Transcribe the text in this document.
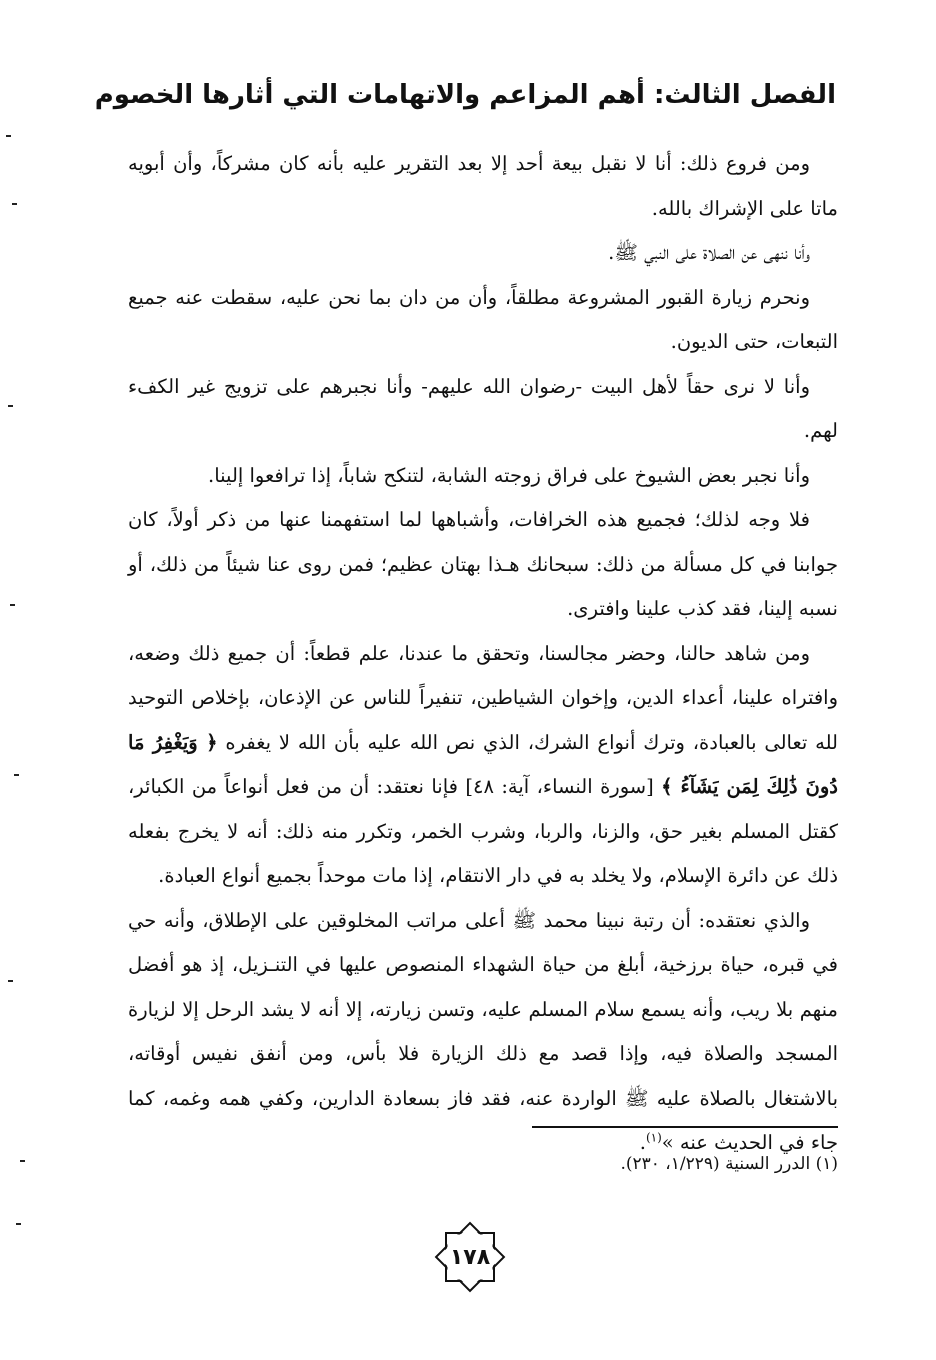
الفصل الثالث: أهم المزاعم والاتهامات التي أثارها الخصوم

ومن فروع ذلك: أنا لا نقبل بيعة أحد إلا بعد التقرير عليه بأنه كان مشركاً، وأن أبويه ماتا على الإشراك بالله.

وأنا ننهى عن الصلاة على النبي ﷺ.

ونحرم زيارة القبور المشروعة مطلقاً، وأن من دان بما نحن عليه، سقطت عنه جميع التبعات، حتى الديون.

وأنا لا نرى حقاً لأهل البيت -رضوان الله عليهم- وأنا نجبرهم على تزويج غير الكفء لهم.

وأنا نجبر بعض الشيوخ على فراق زوجته الشابة، لتنكح شاباً، إذا ترافعوا إلينا.

فلا وجه لذلك؛ فجميع هذه الخرافات، وأشباهها لما استفهمنا عنها من ذكر أولاً، كان جوابنا في كل مسألة من ذلك: سبحانك هـذا بهتان عظيم؛ فمن روى عنا شيئاً من ذلك، أو نسبه إلينا، فقد كذب علينا وافترى.

ومن شاهد حالنا، وحضر مجالسنا، وتحقق ما عندنا، علم قطعاً: أن جميع ذلك وضعه، وافتراه علينا، أعداء الدين، وإخوان الشياطين، تنفيراً للناس عن الإذعان، بإخلاص التوحيد لله تعالى بالعبادة، وترك أنواع الشرك، الذي نص الله عليه بأن الله لا يغفره ﴿ وَيَغْفِرُ مَا دُونَ ذَٰلِكَ لِمَن يَشَآءُ ﴾ [سورة النساء، آية: ٤٨] فإنا نعتقد: أن من فعل أنواعاً من الكبائر، كقتل المسلم بغير حق، والزنا، والربا، وشرب الخمر، وتكرر منه ذلك: أنه لا يخرج بفعله ذلك عن دائرة الإسلام، ولا يخلد به في دار الانتقام، إذا مات موحداً بجميع أنواع العبادة.

والذي نعتقده: أن رتبة نبينا محمد ﷺ أعلى مراتب المخلوقين على الإطلاق، وأنه حي في قبره، حياة برزخية، أبلغ من حياة الشهداء المنصوص عليها في التنـزيل، إذ هو أفضل منهم بلا ريب، وأنه يسمع سلام المسلم عليه، وتسن زيارته، إلا أنه لا يشد الرحل إلا لزيارة المسجد والصلاة فيه، وإذا قصد مع ذلك الزيارة فلا بأس، ومن أنفق نفيس أوقاته، بالاشتغال بالصلاة عليه ﷺ الواردة عنه، فقد فاز بسعادة الدارين، وكفي همه وغمه، كما جاء في الحديث عنه »$^{(١)}$.

(١) الدرر السنية (١/٢٢٩، ٢٣٠).
١٧٨
